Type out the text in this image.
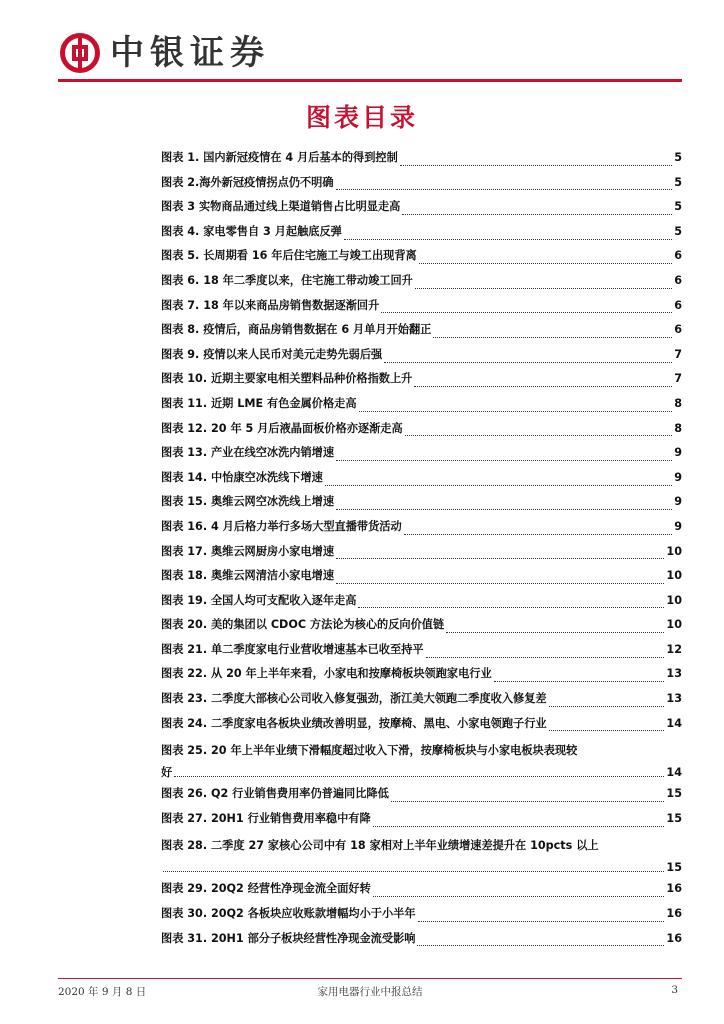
中银证券
图表目录
图表 1. 国内新冠疫情在 4 月后基本的得到控制	5
图表 2.海外新冠疫情拐点仍不明确	5
图表 3 实物商品通过线上渠道销售占比明显走高	5
图表 4. 家电零售自 3 月起触底反弹	5
图表 5. 长周期看 16 年后住宅施工与竣工出现背离	6
图表 6. 18 年二季度以来，住宅施工带动竣工回升	6
图表 7. 18 年以来商品房销售数据逐渐回升	6
图表 8. 疫情后，商品房销售数据在 6 月单月开始翻正	6
图表 9. 疫情以来人民币对美元走势先弱后强	7
图表 10. 近期主要家电相关塑料品种价格指数上升	7
图表 11. 近期 LME 有色金属价格走高	8
图表 12. 20 年 5 月后液晶面板价格亦逐渐走高	8
图表 13. 产业在线空冰洗内销增速	9
图表 14. 中怡康空冰洗线下增速	9
图表 15. 奥维云网空冰洗线上增速	9
图表 16. 4 月后格力举行多场大型直播带货活动	9
图表 17. 奥维云网厨房小家电增速	10
图表 18. 奥维云网清洁小家电增速	10
图表 19. 全国人均可支配收入逐年走高	10
图表 20. 美的集团以 CDOC 方法论为核心的反向价值链	10
图表 21. 单二季度家电行业营收增速基本已收至持平	12
图表 22. 从 20 年上半年来看，小家电和按摩椅板块领跑家电行业	13
图表 23. 二季度大部核心公司收入修复强劲，浙江美大领跑二季度收入修复差	13
图表 24. 二季度家电各板块业绩改善明显，按摩椅、黑电、小家电领跑子行业	14
图表 25. 20 年上半年业绩下滑幅度超过收入下滑，按摩椅板块与小家电板块表现较
好	14
图表 26. Q2 行业销售费用率仍普遍同比降低	15
图表 27. 20H1 行业销售费用率稳中有降	15
图表 28. 二季度 27 家核心公司中有 18 家相对上半年业绩增速差提升在 10pcts 以上
15
图表 29. 20Q2 经营性净现金流全面好转	16
图表 30. 20Q2 各板块应收账款增幅均小于小半年	16
图表 31. 20H1 部分子板块经营性净现金流受影响	16
2020 年 9 月 8 日	家用电器行业中报总结	3
